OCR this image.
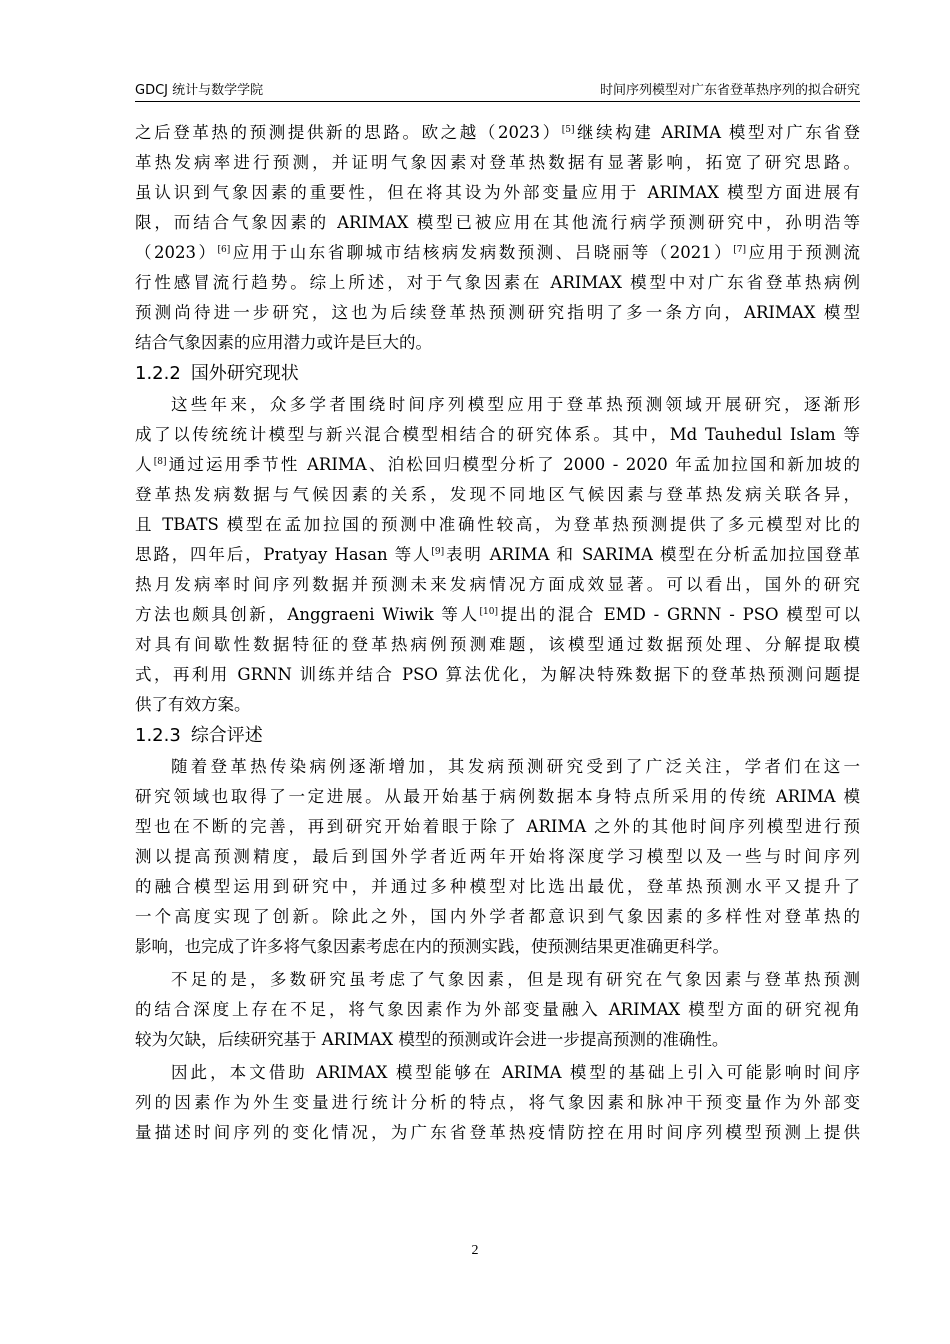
GDCJ 统计与数学学院	时间序列模型对广东省登革热序列的拟合研究
之后登革热的预测提供新的思路。欧之越（2023）[5]继续构建 ARIMA 模型对广东省登
革热发病率进行预测，并证明气象因素对登革热数据有显著影响，拓宽了研究思路。
虽认识到气象因素的重要性，但在将其设为外部变量应用于 ARIMAX 模型方面进展有
限，而结合气象因素的 ARIMAX 模型已被应用在其他流行病学预测研究中，孙明浩等
（2023）[6]应用于山东省聊城市结核病发病数预测、吕晓丽等（2021）[7]应用于预测流
行性感冒流行趋势。综上所述，对于气象因素在 ARIMAX 模型中对广东省登革热病例
预测尚待进一步研究，这也为后续登革热预测研究指明了多一条方向，ARIMAX 模型
结合气象因素的应用潜力或许是巨大的。
1.2.2 国外研究现状
这些年来，众多学者围绕时间序列模型应用于登革热预测领域开展研究，逐渐形
成了以传统统计模型与新兴混合模型相结合的研究体系。其中，Md Tauhedul Islam 等
人[8]通过运用季节性 ARIMA、泊松回归模型分析了 2000 - 2020 年孟加拉国和新加坡的
登革热发病数据与气候因素的关系，发现不同地区气候因素与登革热发病关联各异，
且 TBATS 模型在孟加拉国的预测中准确性较高，为登革热预测提供了多元模型对比的
思路，四年后，Pratyay Hasan 等人[9]表明 ARIMA 和 SARIMA 模型在分析孟加拉国登革
热月发病率时间序列数据并预测未来发病情况方面成效显著。可以看出，国外的研究
方法也颇具创新，Anggraeni Wiwik 等人[10]提出的混合 EMD - GRNN - PSO 模型可以
对具有间歇性数据特征的登革热病例预测难题，该模型通过数据预处理、分解提取模
式，再利用 GRNN 训练并结合 PSO 算法优化，为解决特殊数据下的登革热预测问题提
供了有效方案。
1.2.3 综合评述
随着登革热传染病例逐渐增加，其发病预测研究受到了广泛关注，学者们在这一
研究领域也取得了一定进展。从最开始基于病例数据本身特点所采用的传统 ARIMA 模
型也在不断的完善，再到研究开始着眼于除了 ARIMA 之外的其他时间序列模型进行预
测以提高预测精度，最后到国外学者近两年开始将深度学习模型以及一些与时间序列
的融合模型运用到研究中，并通过多种模型对比选出最优，登革热预测水平又提升了
一个高度实现了创新。除此之外，国内外学者都意识到气象因素的多样性对登革热的
影响，也完成了许多将气象因素考虑在内的预测实践，使预测结果更准确更科学。
不足的是，多数研究虽考虑了气象因素，但是现有研究在气象因素与登革热预测
的结合深度上存在不足，将气象因素作为外部变量融入 ARIMAX 模型方面的研究视角
较为欠缺，后续研究基于 ARIMAX 模型的预测或许会进一步提高预测的准确性。
因此，本文借助 ARIMAX 模型能够在 ARIMA 模型的基础上引入可能影响时间序
列的因素作为外生变量进行统计分析的特点，将气象因素和脉冲干预变量作为外部变
量描述时间序列的变化情况，为广东省登革热疫情防控在用时间序列模型预测上提供
2
